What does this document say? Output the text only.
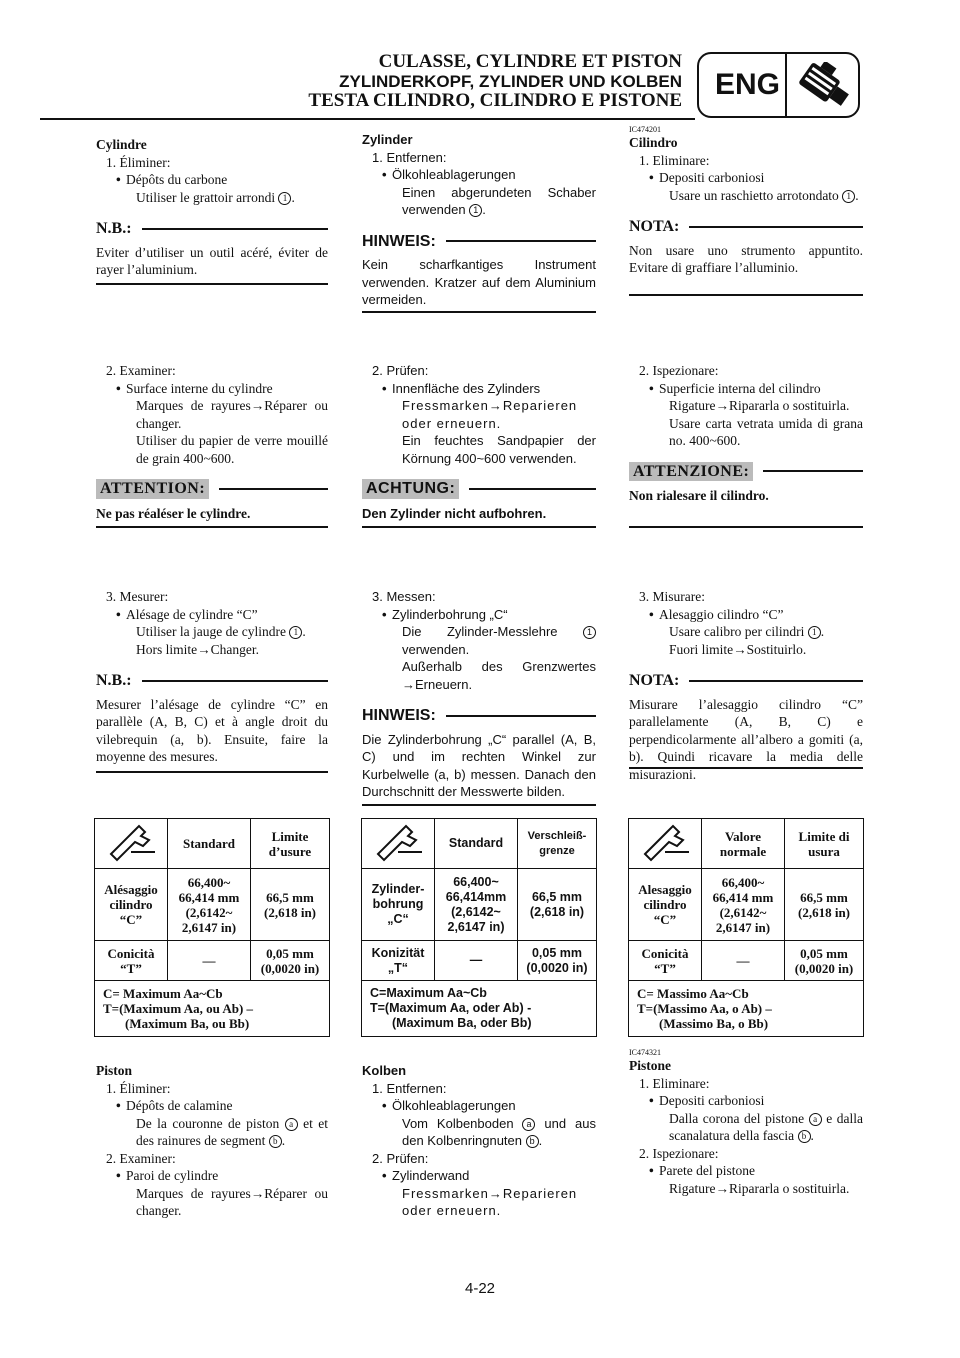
CULASSE, CYLINDRE ET PISTON
ZYLINDERKOPF, ZYLINDER UND KOLBEN
TESTA CILINDRO, CILINDRO E PISTONE ENG
Cylindre
1. Éliminer:
• Dépôts du carbone
Utiliser le grattoir arrondi 1 .
N.B.:
Eviter d’utiliser un outil acéré, éviter de rayer l’aluminium.
2. Examiner:
• Surface interne du cylindre
Marques de rayures→Réparer ou changer.
Utiliser du papier de verre mouillé de grain 400~600.
ATTENTION:
Ne pas réaléser le cylindre.
3. Mesurer:
• Alésage de cylindre “C”
Utiliser la jauge de cylindre 1 .
Hors limite→Changer.
N.B.:
Mesurer l’alésage de cylindre “C” en parallèle (A, B, C) et à angle droit du vilebrequin (a, b). Ensuite, faire la moyenne des mesures.
	Standard	Limite d’usure
Alésaggio cilindro “C”	66,400~ 66,414 mm (2,6142~ 2,6147 in)	66,5 mm (2,618 in)
Conicità “T”	—	0,05 mm (0,0020 in)

C= Maximum Aa~Cb
T=(Maximum Aa, ou Ab) –
(Maximum Ba, ou Bb)		
Piston
1. Éliminer:
• Dépôts de calamine
De la couronne de piston a et et des rainures de segment b .
2. Examiner:
• Paroi de cylindre
Marques de rayures→Réparer ou changer.
Zylinder
1. Entfernen:
• Ölkohleablagerungen
Einen abgerundeten Schaber verwenden 1 .
HINWEIS:
Kein scharfkantiges Instrument verwenden. Kratzer auf dem Aluminium vermeiden.
2. Prüfen:
• Innenfläche des Zylinders
Fressmarken→Reparieren oder erneuern.
Ein feuchtes Sandpapier der Körnung 400~600 verwenden.
ACHTUNG:
Den Zylinder nicht aufbohren.
3. Messen:
• Zylinderbohrung „C“
Die Zylinder-Messlehre	1 verwenden.
Außerhalb des Grenzwertes →Erneuern.
HINWEIS:
Die Zylinderbohrung „C“ parallel (A, B, C) und im rechten Winkel zur Kurbelwelle (a, b) messen. Danach den Durchschnitt der Messwerte bilden.
	Standard	Verschleiß-grenze
Zylinder-bohrung „C“	66,400~ 66,414mm (2,6142~ 2,6147 in)	66,5 mm (2,618 in)
Konizität „T“	—	0,05 mm (0,0020 in)

C=Maximum Aa~Cb
T=(Maximum Aa, oder Ab) -
(Maximum Ba, oder Bb)		
Kolben
1. Entfernen:
• Ölkohleablagerungen
Vom Kolbenboden a und aus den Kolbenringnuten b .
2. Prüfen:
• Zylinderwand
Fressmarken→Reparieren oder erneuern.
IC474201
Cilindro
1. Eliminare:
• Depositi carboniosi
Usare un raschietto arrotondato 1 .
NOTA:
Non usare uno strumento appuntito. Evitare di graffiare l’alluminio.
2. Ispezionare:
• Superficie interna del cilindro
Rigature→Ripararla o sostituirla.
Usare carta vetrata umida di grana no. 400~600.
ATTENZIONE:
Non rialesare il cilindro.
3. Misurare:
• Alesaggio cilindro “C”
Usare calibro per cilindri 1 .
Fuori limite→Sostituirlo.
NOTA:
Misurare l’alesaggio cilindro “C” parallelamente (A, B, C) e perpendicolarmente all’albero a gomiti (a, b). Quindi ricavare la media delle misurazioni.
	Valore normale	Limite di usura
Alesaggio cilindro “C”	66,400~ 66,414 mm (2,6142~ 2,6147 in)	66,5 mm (2,618 in)
Conicità “T”	—	0,05 mm (0,0020 in)

C= Massimo Aa~Cb
T=(Massimo Aa, o Ab) –
(Massimo Ba, o Bb)		
IC474321
Pistone
1. Eliminare:
• Depositi carboniosi
Dalla corona del pistone a e dalla scanalatura della fascia b .
2. Ispezionare:
• Parete del pistone
Rigature→Ripararla o sostituirla.
4-22
